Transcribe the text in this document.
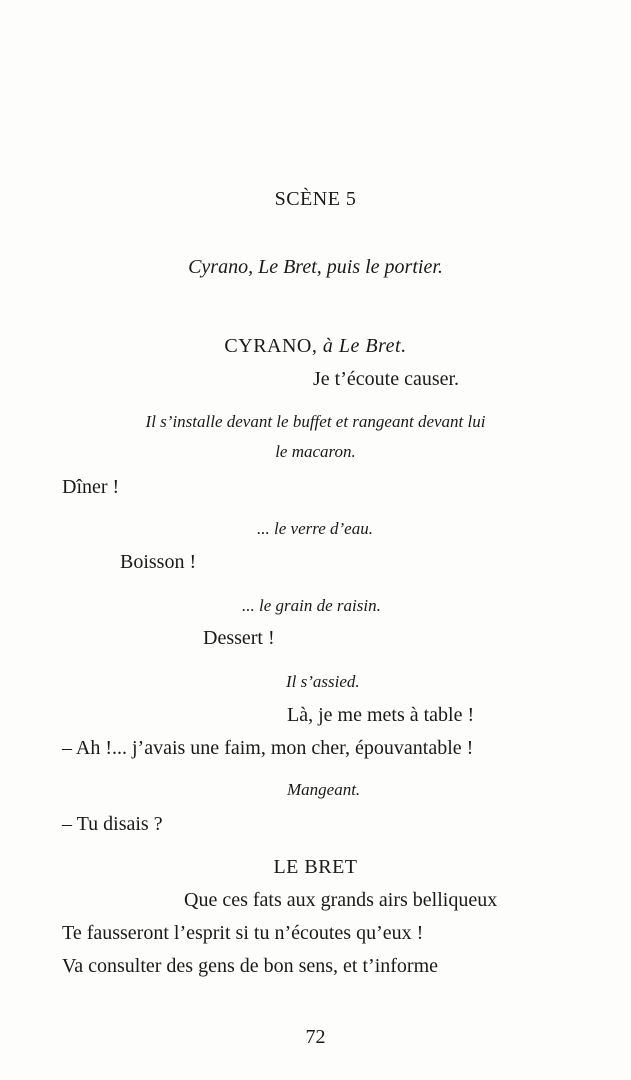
SCÈNE 5
Cyrano, Le Bret, puis le portier.
CYRANO, à Le Bret.
Je t’écoute causer.
Il s’installe devant le buffet et rangeant devant lui
le macaron.
Dîner !
... le verre d’eau.
Boisson !
... le grain de raisin.
Dessert !
Il s’assied.
Là, je me mets à table !
– Ah !... j’avais une faim, mon cher, épouvantable !
Mangeant.
– Tu disais ?
LE BRET
Que ces fats aux grands airs belliqueux
Te fausseront l’esprit si tu n’écoutes qu’eux !
Va consulter des gens de bon sens, et t’informe
72
